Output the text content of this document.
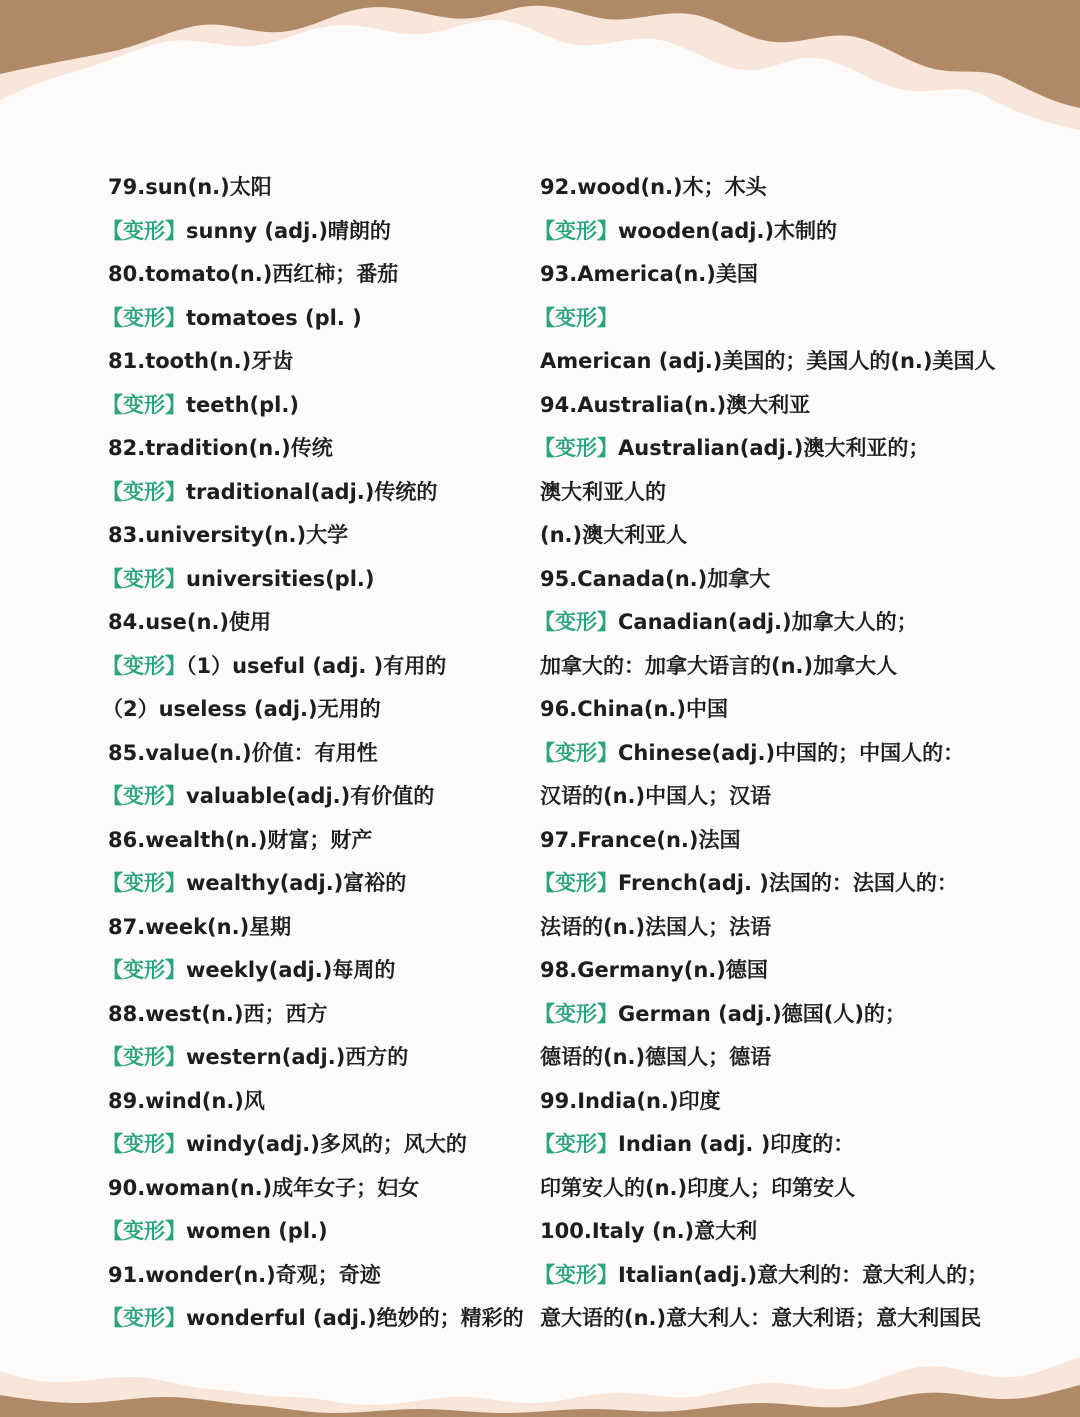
79.sun(n.)太阳
【变形】sunny (adj.)晴朗的
80.tomato(n.)西红柿；番茄
【变形】tomatoes (pl. )
81.tooth(n.)牙齿
【变形】teeth(pl.)
82.tradition(n.)传统
【变形】traditional(adj.)传统的
83.university(n.)大学
【变形】universities(pl.)
84.use(n.)使用
【变形】（1）useful (adj. )有用的
（2）useless (adj.)无用的
85.value(n.)价值：有用性
【变形】valuable(adj.)有价值的
86.wealth(n.)财富；财产
【变形】wealthy(adj.)富裕的
87.week(n.)星期
【变形】weekly(adj.)每周的
88.west(n.)西；西方
【变形】western(adj.)西方的
89.wind(n.)风
【变形】windy(adj.)多风的；风大的
90.woman(n.)成年女子；妇女
【变形】women (pl.)
91.wonder(n.)奇观；奇迹
【变形】wonderful (adj.)绝妙的；精彩的
92.wood(n.)木；木头
【变形】wooden(adj.)木制的
93.America(n.)美国
【变形】
American (adj.)美国的；美国人的(n.)美国人
94.Australia(n.)澳大利亚
【变形】Australian(adj.)澳大利亚的；
澳大利亚人的
(n.)澳大利亚人
95.Canada(n.)加拿大
【变形】Canadian(adj.)加拿大人的；
加拿大的：加拿大语言的(n.)加拿大人
96.China(n.)中国
【变形】Chinese(adj.)中国的；中国人的：
汉语的(n.)中国人；汉语
97.France(n.)法国
【变形】French(adj. )法国的：法国人的：
法语的(n.)法国人；法语
98.Germany(n.)德国
【变形】German (adj.)德国(人)的；
德语的(n.)德国人；德语
99.India(n.)印度
【变形】Indian (adj. )印度的：
印第安人的(n.)印度人；印第安人
100.Italy (n.)意大利
【变形】Italian(adj.)意大利的：意大利人的；
意大语的(n.)意大利人：意大利语；意大利国民
